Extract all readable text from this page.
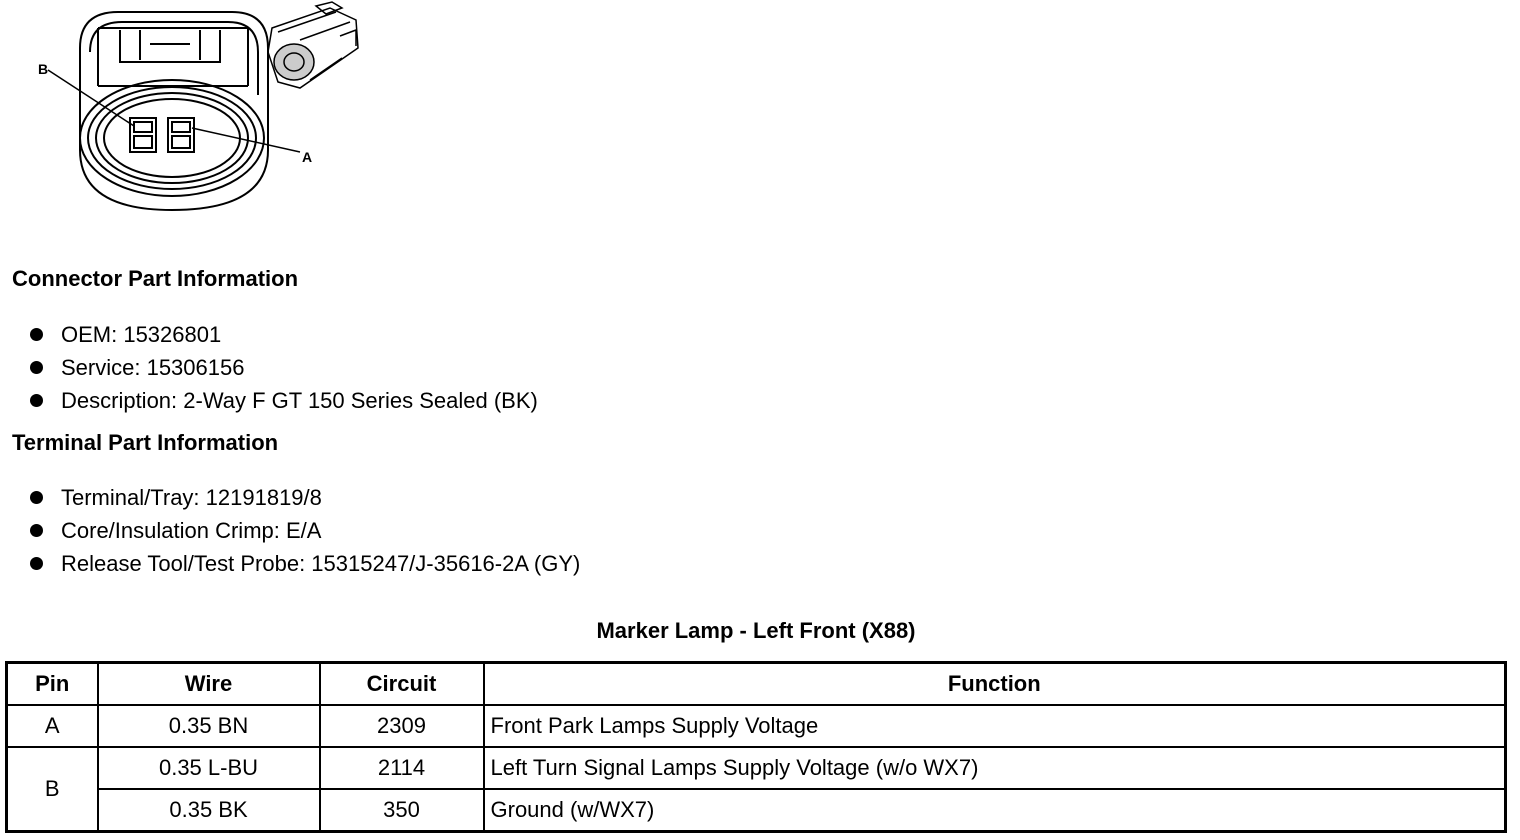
B
A
Connector Part Information
OEM: 15326801
Service: 15306156
Description: 2-Way F GT 150 Series Sealed (BK)
Terminal Part Information
Terminal/Tray: 12191819/8
Core/Insulation Crimp: E/A
Release Tool/Test Probe: 15315247/J-35616-2A (GY)
Marker Lamp - Left Front (X88)
Pin	Wire	Circuit	Function
A	0.35 BN	2309	Front Park Lamps Supply Voltage
B	0.35 L-BU	2114	Left Turn Signal Lamps Supply Voltage (w/o WX7)
	0.35 BK	350	Ground (w/WX7)
